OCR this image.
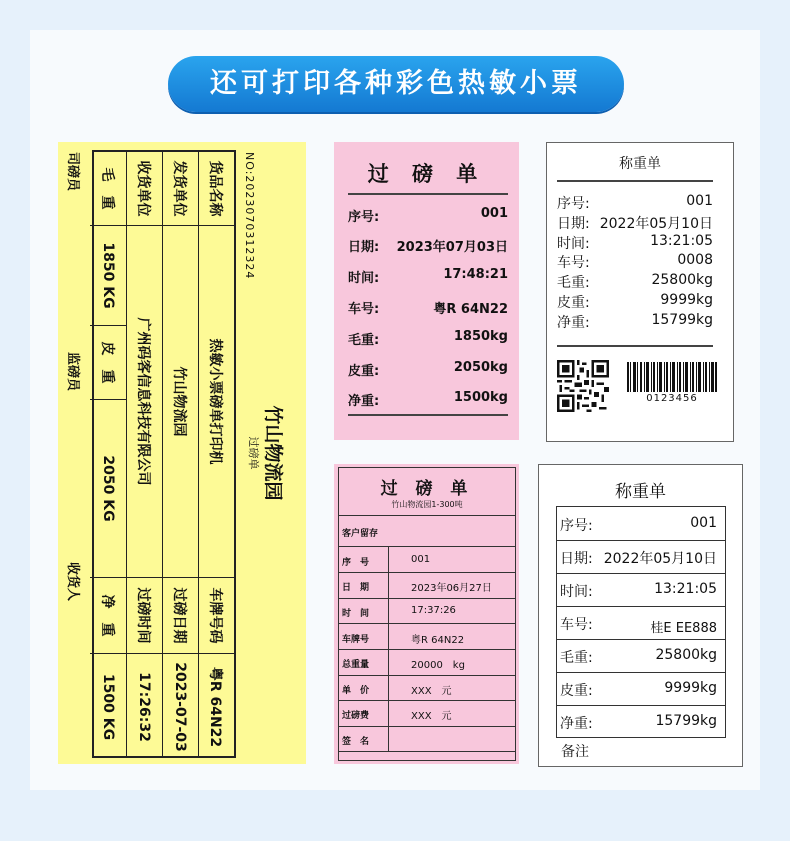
还可打印各种彩色热敏小票
竹山物流园
过磅单
NO:2023070312324
货品名称
热敏小票磅单打印机
车牌号码
粤R 64N22
发货单位
竹山物流园
过磅日期
2023-07-03
收货单位
广州码客信息科技有限公司
过磅时间
17:26:32
毛　重
1850 KG
皮　重
2050 KG
净　重
1500 KG
司磅员
监磅员
收货人
过 磅 单
序号:	001
日期: 2023年07月03日
时间:	17:48:21
车号:	粤R 64N22
毛重:	1850kg
皮重:	2050kg
净重:	1500kg
过 磅 单
竹山物流园1-300吨
客户留存
序　号	001
日　期	2023年06月27日
时　间	17:37:26
车牌号	粤R 64N22
总重量	20000　kg
单　价	XXX　元
过磅费	XXX　元
签　名
称重单
序号:	001
日期: 2022年05月10日
时间:	13:21:05
车号:	0008
毛重:	25800kg
皮重:	9999kg
净重:	15799kg
0123456
称重单
序号:	001
日期: 2022年05月10日
时间:	13:21:05
车号:	桂E EE888
毛重:	25800kg
皮重:	9999kg
净重:	15799kg
备注
